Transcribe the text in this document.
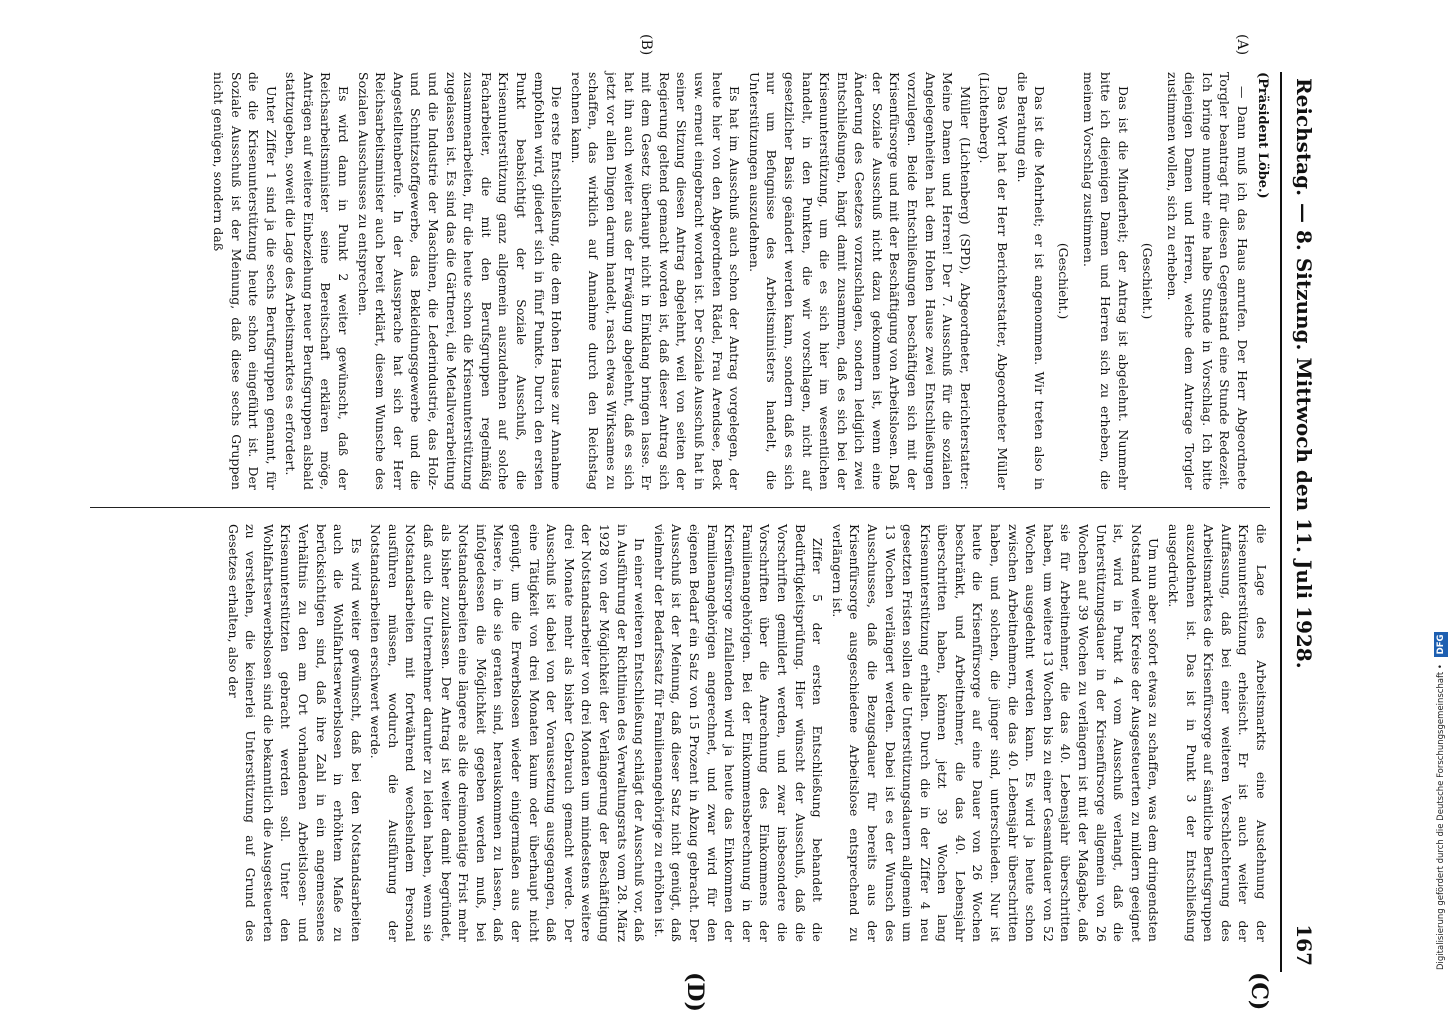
Reichstag. — 8. Sitzung. Mittwoch den 11. Juli 1928.
167
(A)
(B)
(C)
(D)

(Präsident Löbe.)

— Dann muß ich das Haus anrufen. Der Herr Abgeordnete Torgler beantragt für diesen Gegenstand eine Stunde Redezeit. Ich bringe nunmehr eine halbe Stunde in Vorschlag. Ich bitte diejenigen Damen und Herren, welche dem Antrage Torgler zustimmen wollen, sich zu erheben.

(Geschieht.)

Das ist die Minderheit; der Antrag ist abgelehnt. Nunmehr bitte ich diejenigen Damen und Herren sich zu erheben, die meinem Vorschlag zustimmen.

(Geschieht.)

Das ist die Mehrheit; er ist angenommen. Wir treten also in die Beratung ein.

Das Wort hat der Herr Berichterstatter, Abgeordneter Müller (Lichtenberg).

Müller (Lichtenberg) (SPD), Abgeordneter, Berichterstatter: Meine Damen und Herren! Der 7. Ausschuß für die sozialen Angelegenheiten hat dem Hohen Hause zwei Entschließungen vorzulegen. Beide Entschließungen beschäftigen sich mit der Krisenfürsorge und mit der Beschäftigung von Arbeitslosen. Daß der Soziale Ausschuß nicht dazu gekommen ist, wenn eine Änderung des Gesetzes vorzuschlagen, sondern lediglich zwei Entschließungen, hängt damit zusammen, daß es sich bei der Krisenunterstützung, um die es sich hier im wesentlichen handelt, in den Punkten, die wir vorschlagen, nicht auf gesetzlicher Basis geändert werden kann, sondern daß es sich nur um Befugnisse des Arbeitsministers handelt, die Unterstützungen auszudehnen.

Es hat im Ausschuß auch schon der Antrag vorgelegen, der heute hier von den Abgeordneten Rädel, Frau Arendsee, Beck usw. erneut eingebracht worden ist. Der Soziale Ausschuß hat in seiner Sitzung diesen Antrag abgelehnt, weil von seiten der Regierung geltend gemacht worden ist, daß dieser Antrag sich mit dem Gesetz überhaupt nicht in Einklang bringen lasse. Er hat ihn auch weiter aus der Erwägung abgelehnt, daß es sich jetzt vor allen Dingen darum handelt, rasch etwas Wirksames zu schaffen, das wirklich auf Annahme durch den Reichstag rechnen kann.

Die erste Entschließung, die dem Hohen Hause zur Annahme empfohlen wird, gliedert sich in fünf Punkte. Durch den ersten Punkt beabsichtigt der Soziale Ausschuß, die Krisenunterstützung ganz allgemein auszudehnen auf solche Facharbeiter, die mit den Berufsgruppen regelmäßig zusammenarbeiten, für die heute schon die Krisenunterstützung zugelassen ist. Es sind das die Gärtnerei, die Metallverarbeitung und die Industrie der Maschinen, die Lederindustrie, das Holz- und Schnitzstoffgewerbe, das Bekleidungsgewerbe und die Angestelltenberufe. In der Aussprache hat sich der Herr Reichsarbeitsminister auch bereit erklärt, diesem Wunsche des Sozialen Ausschusses zu entsprechen.

Es wird dann in Punkt 2 weiter gewünscht, daß der Reichsarbeitsminister seine Bereitschaft erklären möge, Anträgen auf weitere Einbeziehung neuer Berufsgruppen alsbald stattzugeben, soweit die Lage des Arbeitsmarktes es erfordert.

Unter Ziffer 1 sind ja die sechs Berufsgruppen genannt, für die die Krisenunterstützung heute schon eingeführt ist. Der Soziale Ausschuß ist der Meinung, daß diese sechs Gruppen nicht genügen, sondern daß

die Lage des Arbeitsmarkts eine Ausdehnung der Krisenunterstützung erheischt. Er ist auch weiter der Auffassung, daß bei einer weiteren Verschlechterung des Arbeitsmarktes die Krisenfürsorge auf sämtliche Berufsgruppen auszudehnen ist. Das ist in Punkt 3 der Entschließung ausgedrückt.

Um nun aber sofort etwas zu schaffen, was dem dringendsten Notstand weiter Kreise der Ausgesteuerten zu mildern geeignet ist, wird in Punkt 4 vom Ausschuß verlangt, daß die Unterstützungsdauer in der Krisenfürsorge allgemein von 26 Wochen auf 39 Wochen zu verlängern ist mit der Maßgabe, daß sie für Arbeitnehmer, die das 40. Lebensjahr überschritten haben, um weitere 13 Wochen bis zu einer Gesamtdauer von 52 Wochen ausgedehnt werden kann. Es wird ja heute schon zwischen Arbeitnehmern, die das 40. Lebensjahr überschritten haben, und solchen, die jünger sind, unterschieden. Nur ist heute die Krisenfürsorge auf eine Dauer von 26 Wochen beschränkt, und Arbeitnehmer, die das 40. Lebensjahr überschritten haben, können jetzt 39 Wochen lang Krisenunterstützung erhalten. Durch die in der Ziffer 4 neu gesetzten Fristen sollen die Unterstützungsdauern allgemein um 13 Wochen verlängert werden. Dabei ist es der Wunsch des Ausschusses, daß die Bezugsdauer für bereits aus der Krisenfürsorge ausgeschiedene Arbeitslose entsprechend zu verlängern ist.

Ziffer 5 der ersten Entschließung behandelt die Bedürftigkeitsprüfung. Hier wünscht der Ausschuß, daß die Vorschriften gemildert werden, und zwar insbesondere die Vorschriften über die Anrechnung des Einkommens der Familienangehörigen. Bei der Einkommensberechnung in der Krisenfürsorge zufallenden wird ja heute das Einkommen der Familienangehörigen angerechnet, und zwar wird für den eigenen Bedarf ein Satz von 15 Prozent in Abzug gebracht. Der Ausschuß ist der Meinung, daß dieser Satz nicht genügt, daß vielmehr der Bedarfssatz für Familienangehörige zu erhöhen ist.

In einer weiteren Entschließung schlägt der Ausschuß vor, daß in Ausführung der Richtlinien des Verwaltungsrats vom 28. März 1928 von der Möglichkeit der Verlängerung der Beschäftigung der Notstandsarbeiter von drei Monaten um mindestens weitere drei Monate mehr als bisher Gebrauch gemacht werde. Der Ausschuß ist dabei von der Voraussetzung ausgegangen, daß eine Tätigkeit von drei Monaten kaum oder überhaupt nicht genügt, um die Erwerbslosen wieder einigermaßen aus der Misere, in die sie geraten sind, herauskommen zu lassen, daß infolgedessen die Möglichkeit gegeben werden muß, bei Notstandsarbeiten eine längere als die dreimonatige Frist mehr als bisher zuzulassen. Der Antrag ist weiter damit begründet, daß auch die Unternehmer darunter zu leiden haben, wenn sie Notstandsarbeiten mit fortwährend wechselndem Personal ausführen müssen, wodurch die Ausführung der Notstandsarbeiten erschwert werde.

Es wird weiter gewünscht, daß bei den Notstandsarbeiten auch die Wohlfahrtserwerbslosen in erhöhtem Maße zu berücksichtigen sind, daß ihre Zahl in ein angemessenes Verhältnis zu den am Ort vorhandenen Arbeitslosen- und Krisenunterstützten gebracht werden soll. Unter den Wohlfahrtserwerbslosen sind die bekanntlich die Ausgesteuerten zu verstehen, die keinerlei Unterstützung auf Grund des Gesetzes erhalten, also der

Digitalisierung gefördert durch die Deutsche Forschungsgemeinschaft • DFG
